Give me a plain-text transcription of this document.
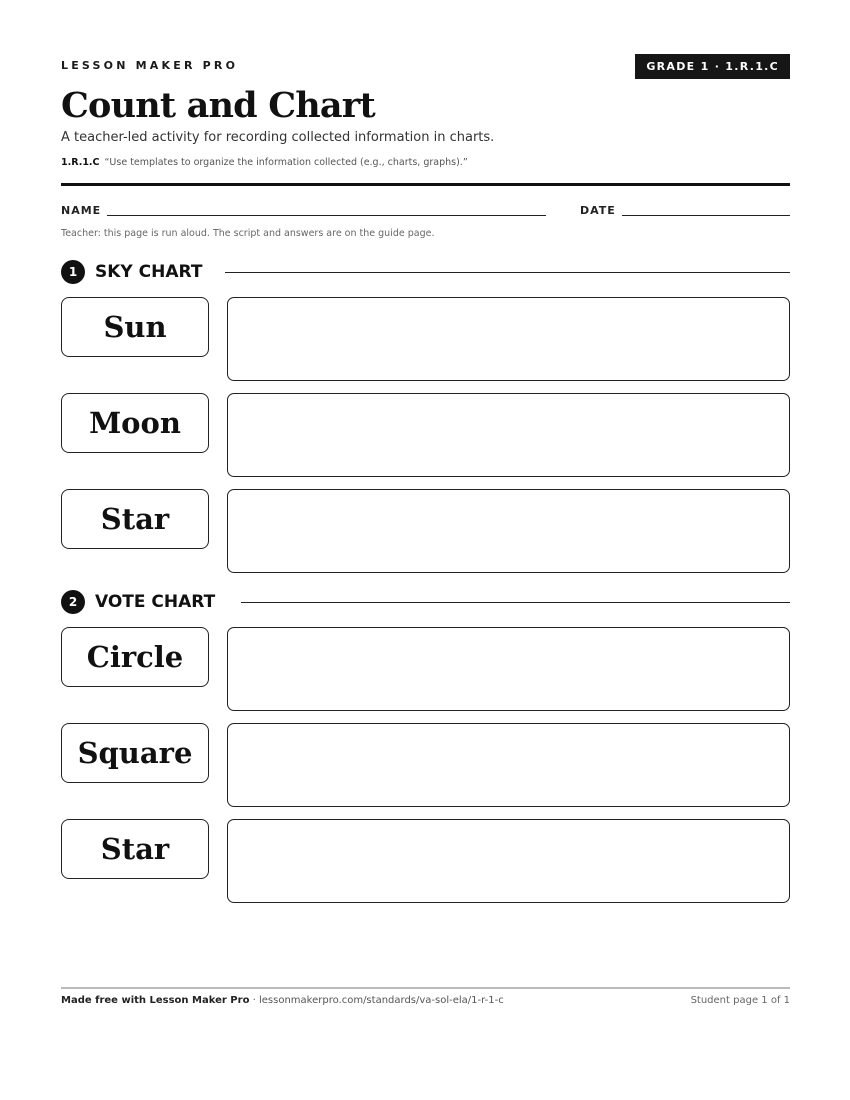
LESSON MAKER PRO	GRADE 1 · 1.R.1.C
Count and Chart
A teacher-led activity for recording collected information in charts.
1.R.1.C “Use templates to organize the information collected (e.g., charts, graphs).”
NAME	DATE
Teacher: this page is run aloud. The script and answers are on the guide page.
1	SKY CHART
Sun
Moon
Star
2	VOTE CHART
Circle
Square
Star
Made free with Lesson Maker Pro · lessonmakerpro.com/standards/va-sol-ela/1-r-1-c	Student page 1 of 1
